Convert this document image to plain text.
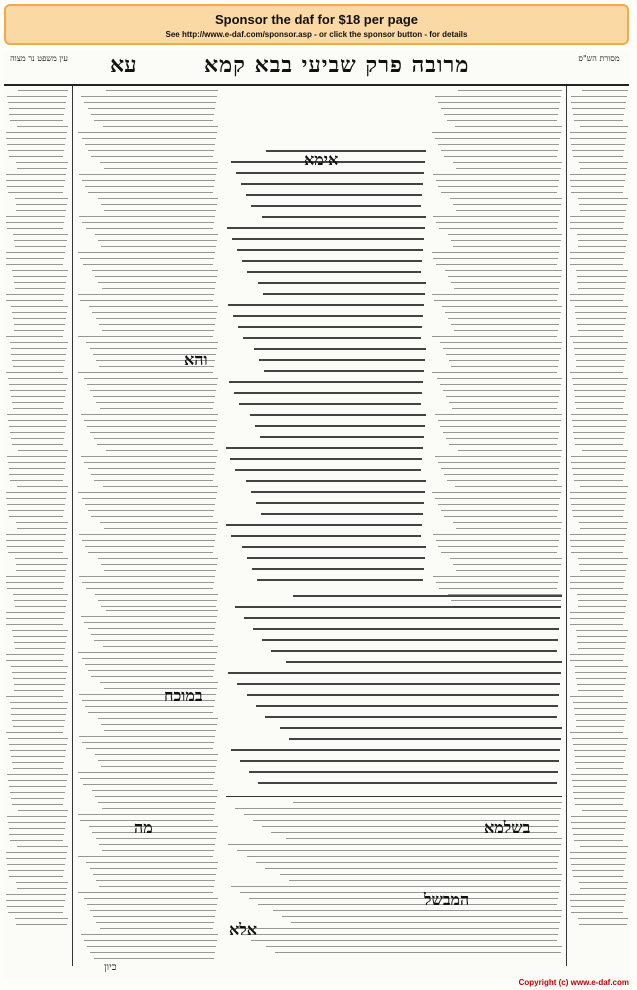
Sponsor the daf for $18 per page
See http://www.e-daf.com/sponsor.asp - or click the sponsor button - for details
עין משפט נר מצוה עא	מרובה פרק שביעי בבא קמא	מסורת הש"ס
אימא
והא
במוכח
בשלמא
המבשל
מה
אלא
כיון
Copyright (c) www.e-daf.com
